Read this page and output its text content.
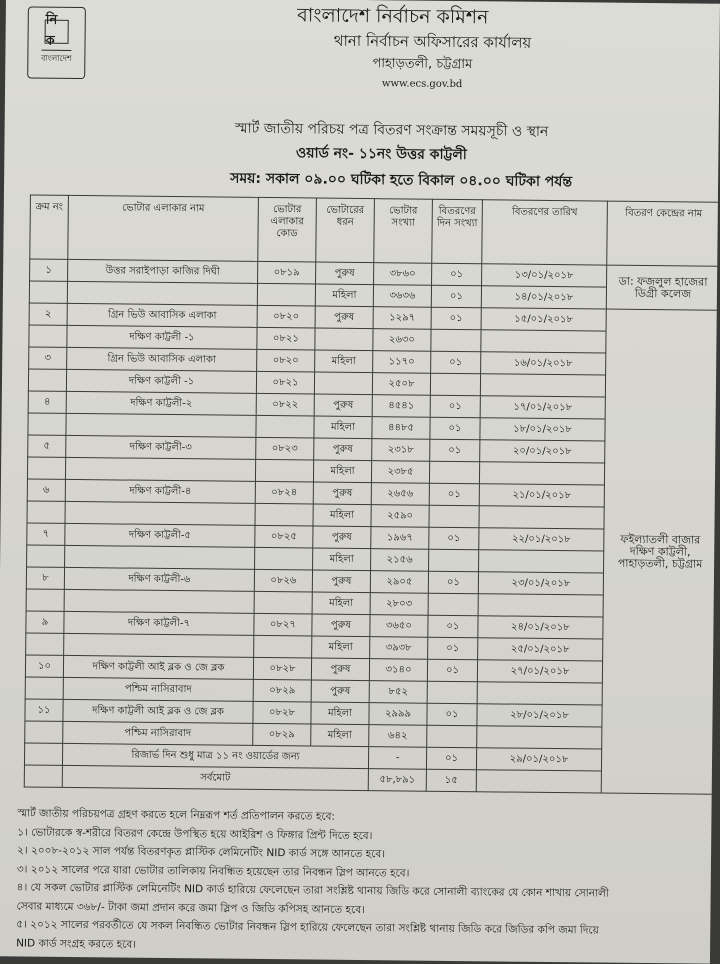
নি ক
বাংলাদেশ
বাংলাদেশ নির্বাচন কমিশন
থানা নির্বাচন অফিসারের কার্যালয়
পাহাড়তলী, চট্টগ্রাম
www.ecs.gov.bd
স্মার্ট জাতীয় পরিচয় পত্র বিতরণ সংক্রান্ত সময়সূচী ও স্থান
ওয়ার্ড নং- ১১নং উত্তর কাট্টলী
সময়: সকাল ০৯.০০ ঘটিকা হতে বিকাল ০৪.০০ ঘটিকা পর্যন্ত
ক্রম নং	ভোটার এলাকার নাম	ভোটার এলাকার কোড	ভোটারের ধরন	ভোটার সংখ্যা	বিতরণের দিন সংখ্যা	বিতরণের তারিখ	বিতরণ কেন্দ্রের নাম	
১	উত্তর সরাইপাড়া কাজির দিঘী	০৮১৯	পুরুষ	৩৮৬০	০১	১৩/০১/২০১৮	ডা: ফজলুল হাজেরা ডিগ্রী কলেজ	
			মহিলা	৩৬৩৬	০১	১৪/০১/২০১৮		
২	গ্রিন ভিউ আবাসিক এলাকা	০৮২০	পুরুষ	১২৯৭	০১	১৫/০১/২০১৮	ফইল্যাতলী বাজার দক্ষিণ কাট্টলী, পাহাড়তলী, চট্টগ্রাম	
	দক্ষিণ কাট্টলী -১	০৮২১		২৬৩০				
৩	গ্রিন ভিউ আবাসিক এলাকা	০৮২০	মহিলা	১১৭০	০১	১৬/০১/২০১৮		
	দক্ষিণ কাট্টলী -১	০৮২১		২৫০৮				
৪	দক্ষিণ কাট্টলী-২	০৮২২	পুরুষ	৪৫৪১	০১	১৭/০১/২০১৮		
			মহিলা	৪৪৮৫	০১	১৮/০১/২০১৮		
৫	দক্ষিণ কাট্টলী-৩	০৮২৩	পুরুষ	২৩১৮	০১	২০/০১/২০১৮		
			মহিলা	২৩৮৫				
৬	দক্ষিণ কাট্টলী-৪	০৮২৪	পুরুষ	২৬৫৬	০১	২১/০১/২০১৮		
			মহিলা	২৫৯০				
৭	দক্ষিণ কাট্টলী-৫	০৮২৫	পুরুষ	১৯৬৭	০১	২২/০১/২০১৮		
			মহিলা	২১৫৬				
৮	দক্ষিণ কাট্টলী-৬	০৮২৬	পুরুষ	২৯০৫	০১	২৩/০১/২০১৮		
			মহিলা	২৮০৩				
৯	দক্ষিণ কাট্টলী-৭	০৮২৭	পুরুষ	৩৬৫০	০১	২৪/০১/২০১৮		
			মহিলা	৩৯৩৮	০১	২৫/০১/২০১৮		
১০	দক্ষিণ কাট্টলী আই ব্লক ও জে ব্লক	০৮২৮	পুরুষ	৩১৪০	০১	২৭/০১/২০১৮		
	পশ্চিম নাসিরাবাদ	০৮২৯	পুরুষ	৮৫২				
১১	দক্ষিণ কাট্টলী আই ব্লক ও জে ব্লক	০৮২৮	মহিলা	২৯৯৯	০১	২৮/০১/২০১৮		
	পশ্চিম নাসিরাবাদ	০৮২৯	মহিলা	৬৪২				
	রিজার্ভ দিন শুধু মাত্র ১১ নং ওয়ার্ডের জন্য			-	০১	২৯/০১/২০১৮		
	সর্বমোট			৫৮,৮৯১	১৫			
স্মার্ট জাতীয় পরিচয়পত্র গ্রহণ করতে হলে নিম্নরূপ শর্ত প্রতিপালন করতে হবে:
১। ভোটারকে স্ব-শরীরে বিতরণ কেন্দ্রে উপস্থিত হয়ে আইরিশ ও ফিঙ্গার প্রিন্ট দিতে হবে।
২। ২০০৮-২০১২ সাল পর্যন্ত বিতরণকৃত প্লাস্টিক লেমিনেটিং NID কার্ড সঙ্গে আনতে হবে।
৩। ২০১২ সালের পরে যারা ভোটার তালিকায় নিবন্ধিত হয়েছেন তার নিবন্ধন স্লিপ আনতে হবে।
৪। যে সকল ভোটার প্লাস্টিক লেমিনেটিং NID কার্ড হারিয়ে ফেলেছেন তারা সংশ্লিষ্ট থানায় জিডি করে সোনালী ব্যাংকের যে কোন শাখায় সোনালী
সেবার মাধ্যমে ৩৬৮/- টাকা জমা প্রদান করে জমা স্লিপ ও জিডি কপিসহ আনতে হবে।
৫। ২০১২ সালের পরবর্তীতে যে সকল নিবন্ধিত ভোটার নিবন্ধন স্লিপ হারিয়ে ফেলেছেন তারা সংশ্লিষ্ট থানায় জিডি করে জিডির কপি জমা দিয়ে
NID কার্ড সংগ্রহ করতে হবে।
